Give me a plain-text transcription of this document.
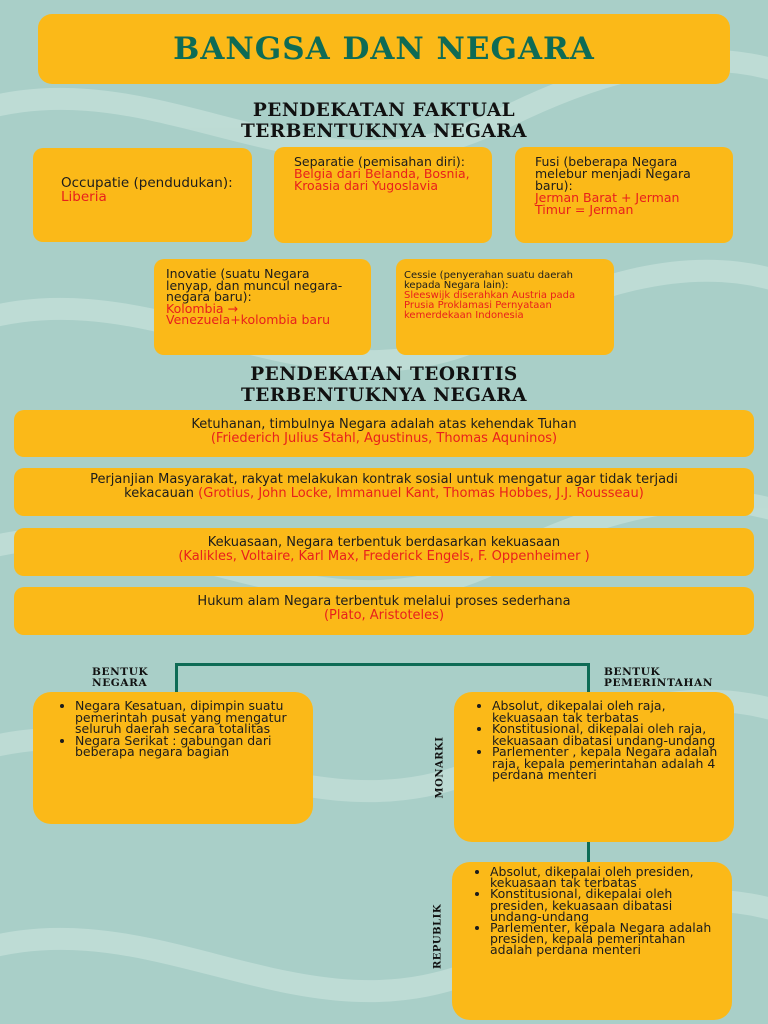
BANGSA DAN NEGARA
PENDEKATAN FAKTUAL
TERBENTUKNYA NEGARA
Occupatie (pendudukan):
Liberia
Separatie (pemisahan diri):
Belgia dari Belanda, Bosnia, Kroasia dari Yugoslavia
Fusi (beberapa Negara melebur menjadi Negara baru):
Jerman Barat + Jerman Timur = Jerman
Inovatie (suatu Negara lenyap, dan muncul negara-negara baru):
Kolombia → Venezuela+kolombia baru
Cessie (penyerahan suatu daerah kepada Negara lain):
Sleeswijk diserahkan Austria pada Prusia Proklamasi Pernyataan kemerdekaan Indonesia
PENDEKATAN TEORITIS
TERBENTUKNYA NEGARA
Ketuhanan, timbulnya Negara adalah atas kehendak Tuhan
(Friederich Julius Stahl, Agustinus, Thomas Aquninos)
Perjanjian Masyarakat, rakyat melakukan kontrak sosial untuk mengatur agar tidak terjadi kekacauan (Grotius, John Locke, Immanuel Kant, Thomas Hobbes, J.J. Rousseau)
Kekuasaan, Negara terbentuk berdasarkan kekuasaan
(Kalikles, Voltaire, Karl Max, Frederick Engels, F. Oppenheimer )
Hukum alam Negara terbentuk melalui proses sederhana
(Plato, Aristoteles)
BENTUK
NEGARA
BENTUK
PEMERINTAHAN
• Negara Kesatuan, dipimpin suatu pemerintah pusat yang mengatur seluruh daerah secara totalitas
• Negara Serikat : gabungan dari beberapa negara bagian	MONARKI
• Absolut, dikepalai oleh raja, kekuasaan tak terbatas
• Konstitusional, dikepalai oleh raja, kekuasaan dibatasi undang-undang
• Parlementer , kepala Negara adalah raja, kepala pemerintahan adalah 4 perdana menteri
REPUBLIK
• Absolut, dikepalai oleh presiden, kekuasaan tak terbatas
• Konstitusional, dikepalai oleh presiden, kekuasaan dibatasi undang-undang
• Parlementer, kepala Negara adalah presiden, kepala pemerintahan adalah perdana menteri
